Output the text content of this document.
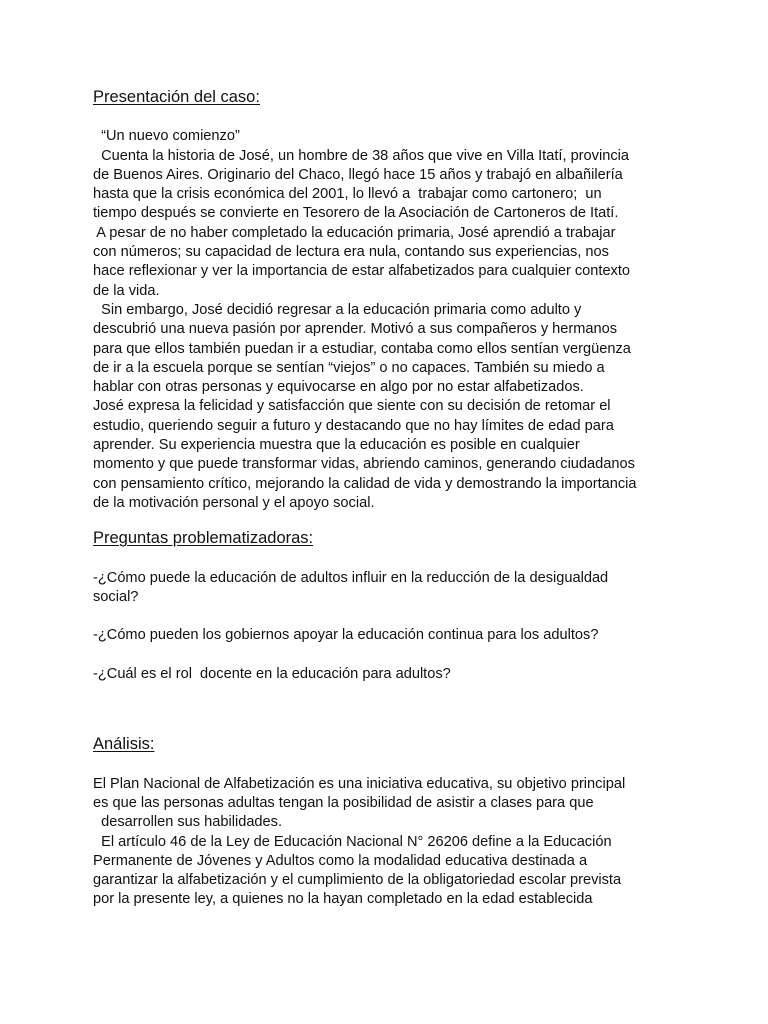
Presentación del caso:

“Un nuevo comienzo”
Cuenta la historia de José, un hombre de 38 años que vive en Villa Itatí, provincia
de Buenos Aires. Originario del Chaco, llegó hace 15 años y trabajó en albañilería
hasta que la crisis económica del 2001, lo llevó a  trabajar como cartonero;  un
tiempo después se convierte en Tesorero de la Asociación de Cartoneros de Itatí.
A pesar de no haber completado la educación primaria, José aprendió a trabajar
con números; su capacidad de lectura era nula, contando sus experiencias, nos
hace reflexionar y ver la importancia de estar alfabetizados para cualquier contexto
de la vida.
Sin embargo, José decidió regresar a la educación primaria como adulto y
descubrió una nueva pasión por aprender. Motivó a sus compañeros y hermanos
para que ellos también puedan ir a estudiar, contaba como ellos sentían vergüenza
de ir a la escuela porque se sentían “viejos” o no capaces. También su miedo a
hablar con otras personas y equivocarse en algo por no estar alfabetizados.
José expresa la felicidad y satisfacción que siente con su decisión de retomar el
estudio, queriendo seguir a futuro y destacando que no hay límites de edad para
aprender. Su experiencia muestra que la educación es posible en cualquier
momento y que puede transformar vidas, abriendo caminos, generando ciudadanos
con pensamiento crítico, mejorando la calidad de vida y demostrando la importancia
de la motivación personal y el apoyo social.

Preguntas problematizadoras:

-¿Cómo puede la educación de adultos influir en la reducción de la desigualdad
social?

-¿Cómo pueden los gobiernos apoyar la educación continua para los adultos?

-¿Cuál es el rol  docente en la educación para adultos?

Análisis:

El Plan Nacional de Alfabetización es una iniciativa educativa, su objetivo principal
es que las personas adultas tengan la posibilidad de asistir a clases para que
desarrollen sus habilidades.
El artículo 46 de la Ley de Educación Nacional N° 26206 define a la Educación
Permanente de Jóvenes y Adultos como la modalidad educativa destinada a
garantizar la alfabetización y el cumplimiento de la obligatoriedad escolar prevista
por la presente ley, a quienes no la hayan completado en la edad establecida
